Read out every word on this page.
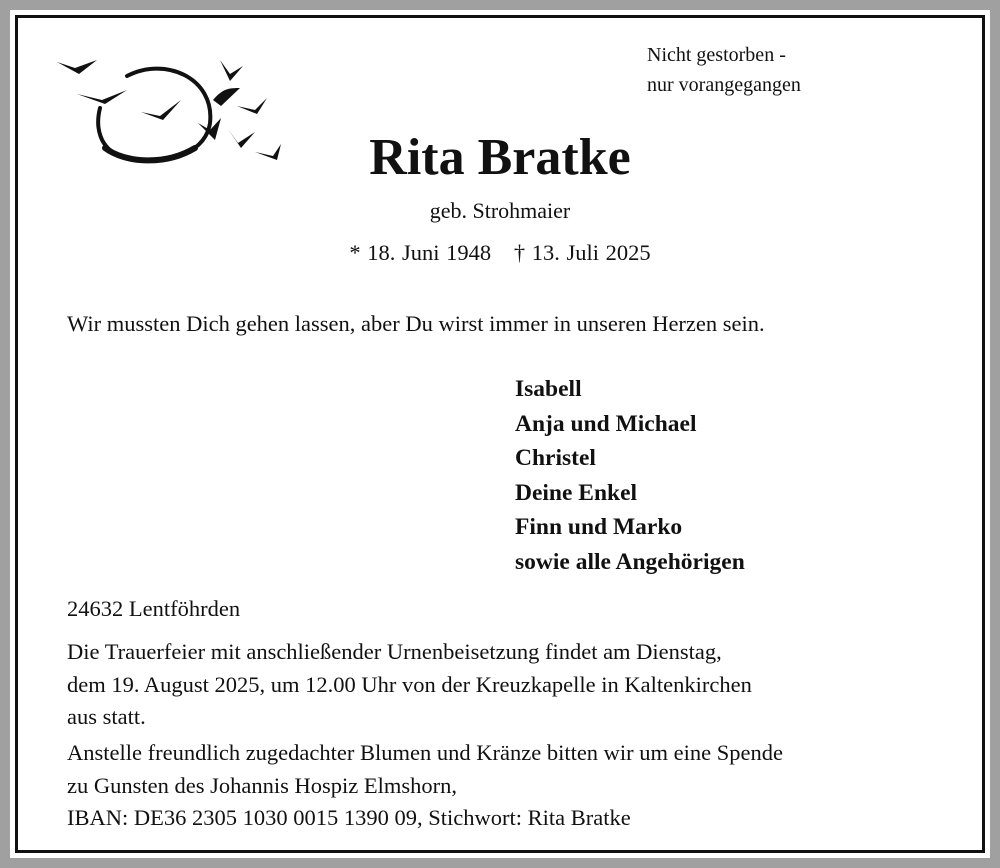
Nicht gestorben -
nur vorangegangen
Rita Bratke
geb. Strohmaier
* 18. Juni 1948 † 13. Juli 2025
Wir mussten Dich gehen lassen, aber Du wirst immer in unseren Herzen sein.
Isabell
Anja und Michael
Christel
Deine Enkel
Finn und Marko
sowie alle Angehörigen
24632 Lentföhrden
Die Trauerfeier mit anschließender Urnenbeisetzung findet am Dienstag,
dem 19. August 2025, um 12.00 Uhr von der Kreuzkapelle in Kaltenkirchen
aus statt.
Anstelle freundlich zugedachter Blumen und Kränze bitten wir um eine Spende
zu Gunsten des Johannis Hospiz Elmshorn,
IBAN: DE36 2305 1030 0015 1390 09, Stichwort: Rita Bratke
